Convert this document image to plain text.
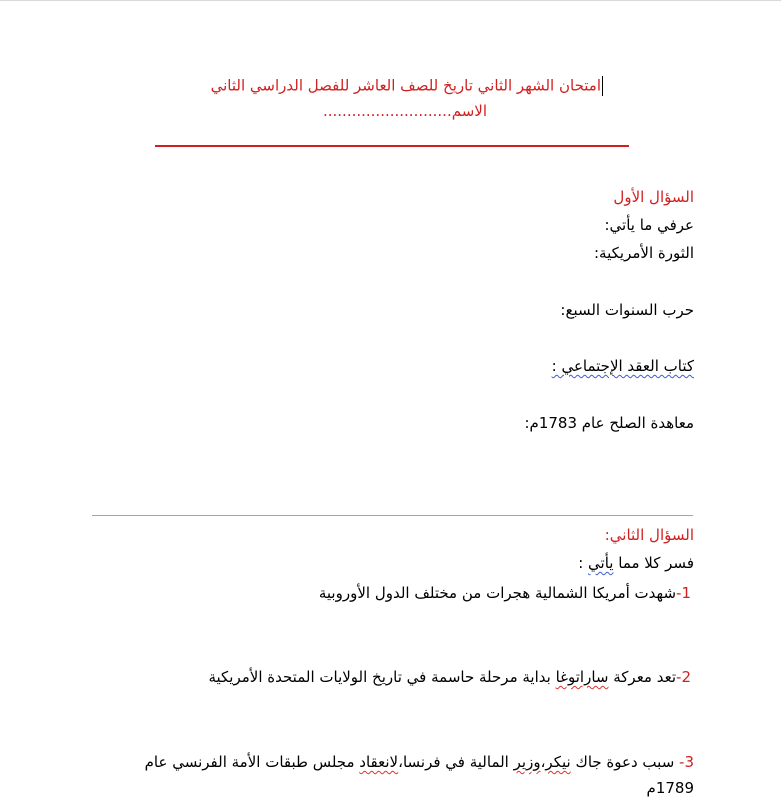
امتحان الشهر الثاني تاريخ للصف العاشر للفصل الدراسي الثاني
الاسم...........................
السؤال الأول
عرفي ما يأتي:
الثورة الأمريكية:
حرب السنوات السبع:
كتاب العقد الإجتماعي :
معاهدة الصلح عام 1783م:
السؤال الثاني:
فسر كلا مما يأتي :
1-شهدت أمريكا الشمالية هجرات من مختلف الدول الأوروبية
2-تعد معركة ساراتوغا بداية مرحلة حاسمة في تاريخ الولايات المتحدة الأمريكية
3- سبب دعوة جاك نيكر،وزير المالية في فرنسا،لانعقاد مجلس طبقات الأمة الفرنسي عام
1789م
